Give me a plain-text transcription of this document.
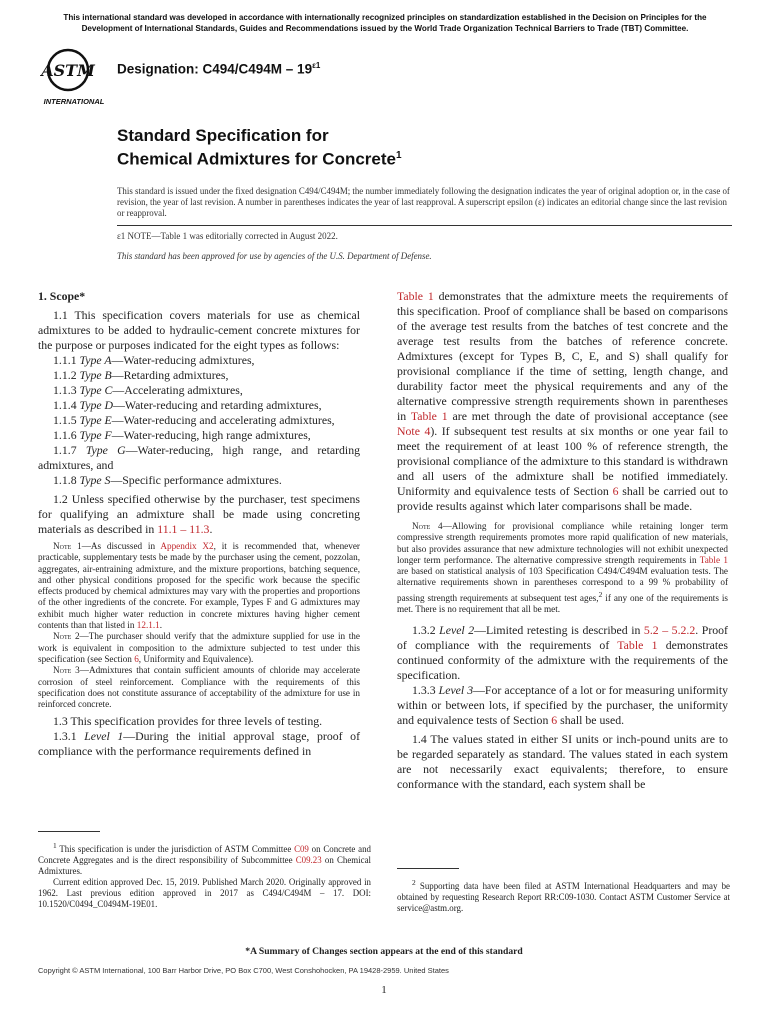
This international standard was developed in accordance with internationally recognized principles on standardization established in the Decision on Principles for the Development of International Standards, Guides and Recommendations issued by the World Trade Organization Technical Barriers to Trade (TBT) Committee.
ASTM
INTERNATIONAL
Designation: $C494/C494M - 19^{\varepsilon 1}$
Standard Specification for
Chemical Admixtures for Concrete$^1$
This standard is issued under the fixed designation C494/C494M; the number immediately following the designation indicates the year of original adoption or, in the case of revision, the year of last revision. A number in parentheses indicates the year of last reapproval. A superscript epsilon (ε) indicates an editorial change since the last revision or reapproval.
ε1 NOTE—Table 1 was editorially corrected in August 2022.
This standard has been approved for use by agencies of the U.S. Department of Defense.

1. Scope*

1.1 This specification covers materials for use as chemical admixtures to be added to hydraulic-cement concrete mixtures for the purpose or purposes indicated for the eight types as follows:

1.1.1 Type A—Water-reducing admixtures,

1.1.2 Type B—Retarding admixtures,

1.1.3 Type C—Accelerating admixtures,

1.1.4 Type D—Water-reducing and retarding admixtures,

1.1.5 Type E—Water-reducing and accelerating admixtures,

1.1.6 Type F—Water-reducing, high range admixtures,

1.1.7 Type G—Water-reducing, high range, and retarding admixtures, and

1.1.8 Type S—Specific performance admixtures.

1.2 Unless specified otherwise by the purchaser, test specimens for qualifying an admixture shall be made using concreting materials as described in 11.1 – 11.3.

Note 1—As discussed in Appendix X2, it is recommended that, whenever practicable, supplementary tests be made by the purchaser using the cement, pozzolan, aggregates, air-entraining admixture, and the mixture proportions, batching sequence, and other physical conditions proposed for the specific work because the specific effects produced by chemical admixtures may vary with the properties and proportions of the other ingredients of the concrete. For example, Types F and G admixtures may exhibit much higher water reduction in concrete mixtures having higher cement contents than that listed in 12.1.1.

Note 2—The purchaser should verify that the admixture supplied for use in the work is equivalent in composition to the admixture subjected to test under this specification (see Section 6, Uniformity and Equivalence).

Note 3—Admixtures that contain sufficient amounts of chloride may accelerate corrosion of steel reinforcement. Compliance with the requirements of this specification does not constitute assurance of acceptability of the admixture for use in reinforced concrete.

1.3 This specification provides for three levels of testing.

1.3.1 Level 1—During the initial approval stage, proof of compliance with the performance requirements defined in

Table 1 demonstrates that the admixture meets the requirements of this specification. Proof of compliance shall be based on comparisons of the average test results from the batches of test concrete and the average test results from the batches of reference concrete. Admixtures (except for Types B, C, E, and S) shall qualify for provisional compliance if the time of setting, length change, and durability factor meet the physical requirements and any of the alternative compressive strength requirements shown in parentheses in Table 1 are met through the date of provisional acceptance (see Note 4). If subsequent test results at six months or one year fail to meet the requirement of at least 100 % of reference strength, the provisional compliance of the admixture to this standard is withdrawn and all users of the admixture shall be notified immediately. Uniformity and equivalence tests of Section 6 shall be carried out to provide results against which later comparisons shall be made.

Note 4—Allowing for provisional compliance while retaining longer term compressive strength requirements promotes more rapid qualification of new materials, but also provides assurance that new admixture technologies will not exhibit unexpected longer term performance. The alternative compressive strength requirements in Table 1 are based on statistical analysis of 103 Specification C494/C494M evaluation tests. The alternative requirements shown in parentheses correspond to a 99 % probability of passing strength requirements at subsequent test ages,$^2$ if any one of the requirements is met. There is no requirement that all be met.

1.3.2 Level 2—Limited retesting is described in 5.2 – 5.2.2. Proof of compliance with the requirements of Table 1 demonstrates continued conformity of the admixture with the requirements of the specification.

1.3.3 Level 3—For acceptance of a lot or for measuring uniformity within or between lots, if specified by the purchaser, the uniformity and equivalence tests of Section 6 shall be used.

1.4 The values stated in either SI units or inch-pound units are to be regarded separately as standard. The values stated in each system are not necessarily exact equivalents; therefore, to ensure conformance with the standard, each system shall be

$^1$ This specification is under the jurisdiction of ASTM Committee C09 on Concrete and Concrete Aggregates and is the direct responsibility of Subcommittee C09.23 on Chemical Admixtures.

Current edition approved Dec. 15, 2019. Published March 2020. Originally approved in 1962. Last previous edition approved in 2017 as C494/C494M – 17. DOI: 10.1520/C0494_C0494M-19E01.

$^2$ Supporting data have been filed at ASTM International Headquarters and may be obtained by requesting Research Report RR:C09-1030. Contact ASTM Customer Service at service@astm.org.

*A Summary of Changes section appears at the end of this standard
Copyright © ASTM International, 100 Barr Harbor Drive, PO Box C700, West Conshohocken, PA 19428-2959. United States
1
